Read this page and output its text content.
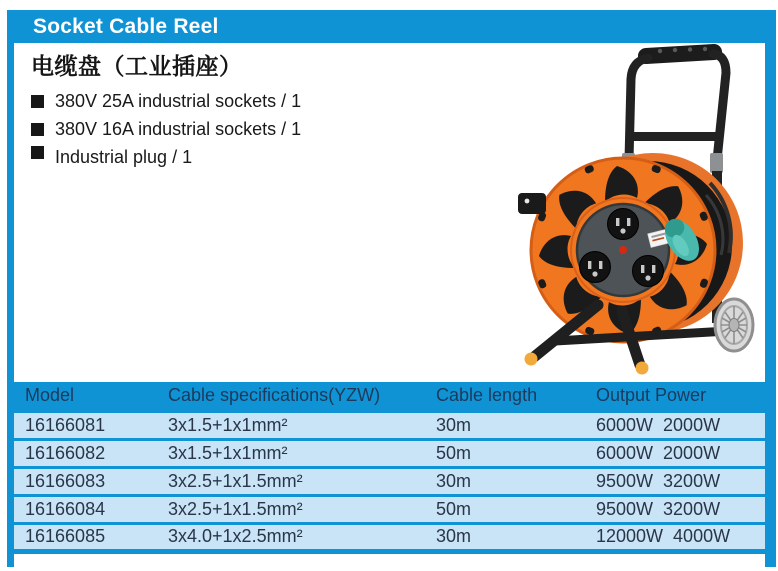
Socket Cable Reel
电缆盘（工业插座）
380V 25A industrial sockets / 1
380V 16A industrial sockets / 1
Industrial plug / 1
Model	Cable specifications(YZW)	Cable length	Output Power
16166081	3x1.5+1x1mm²	30m	6000W  2000W
16166082	3x1.5+1x1mm²	50m	6000W  2000W
16166083	3x2.5+1x1.5mm²	30m	9500W  3200W
16166084	3x2.5+1x1.5mm²	50m	9500W  3200W
16166085	3x4.0+1x2.5mm²	30m	12000W  4000W
